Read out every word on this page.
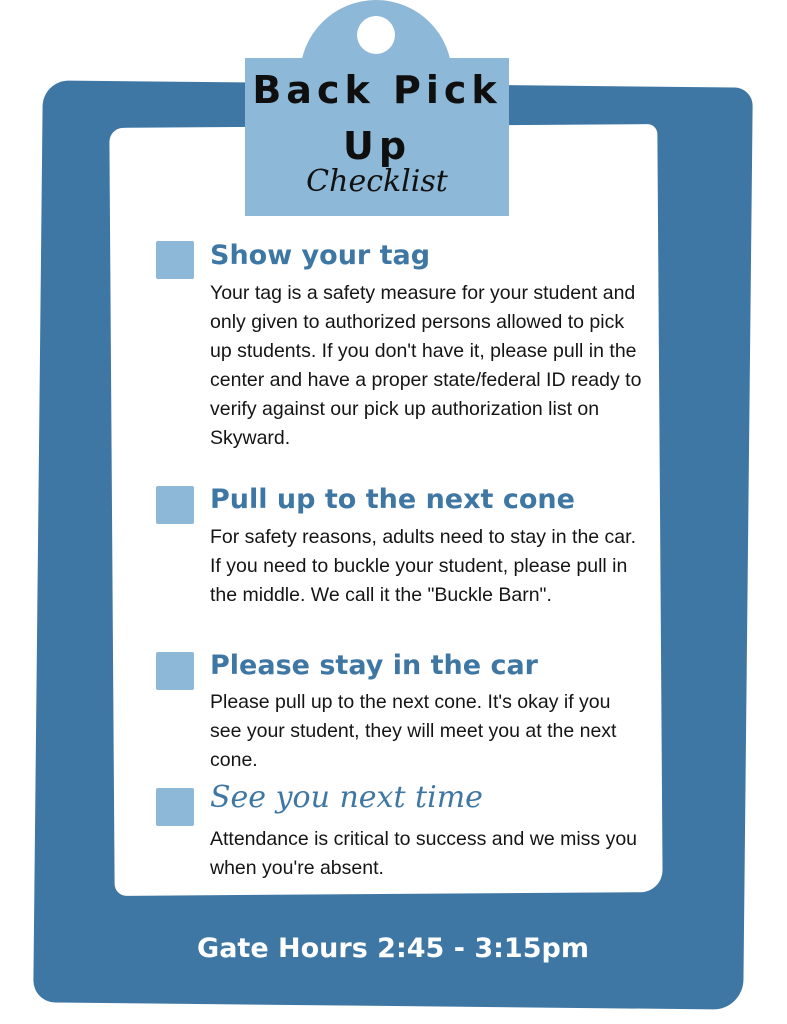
Back Pick
Up

Checklist

Show your tag

Your tag is a safety measure for your student and only given to authorized persons allowed to pick up students. If you don't have it, please pull in the center and have a proper state/federal ID ready to verify against our pick up authorization list on Skyward.

Pull up to the next cone

For safety reasons, adults need to stay in the car. If you need to buckle your student, please pull in the middle. We call it the "Buckle Barn".

Please stay in the car

Please pull up to the next cone. It's okay if you see your student, they will meet you at the next cone.

See you next time

Attendance is critical to success and we miss you when you're absent.

Gate Hours 2:45 - 3:15pm
